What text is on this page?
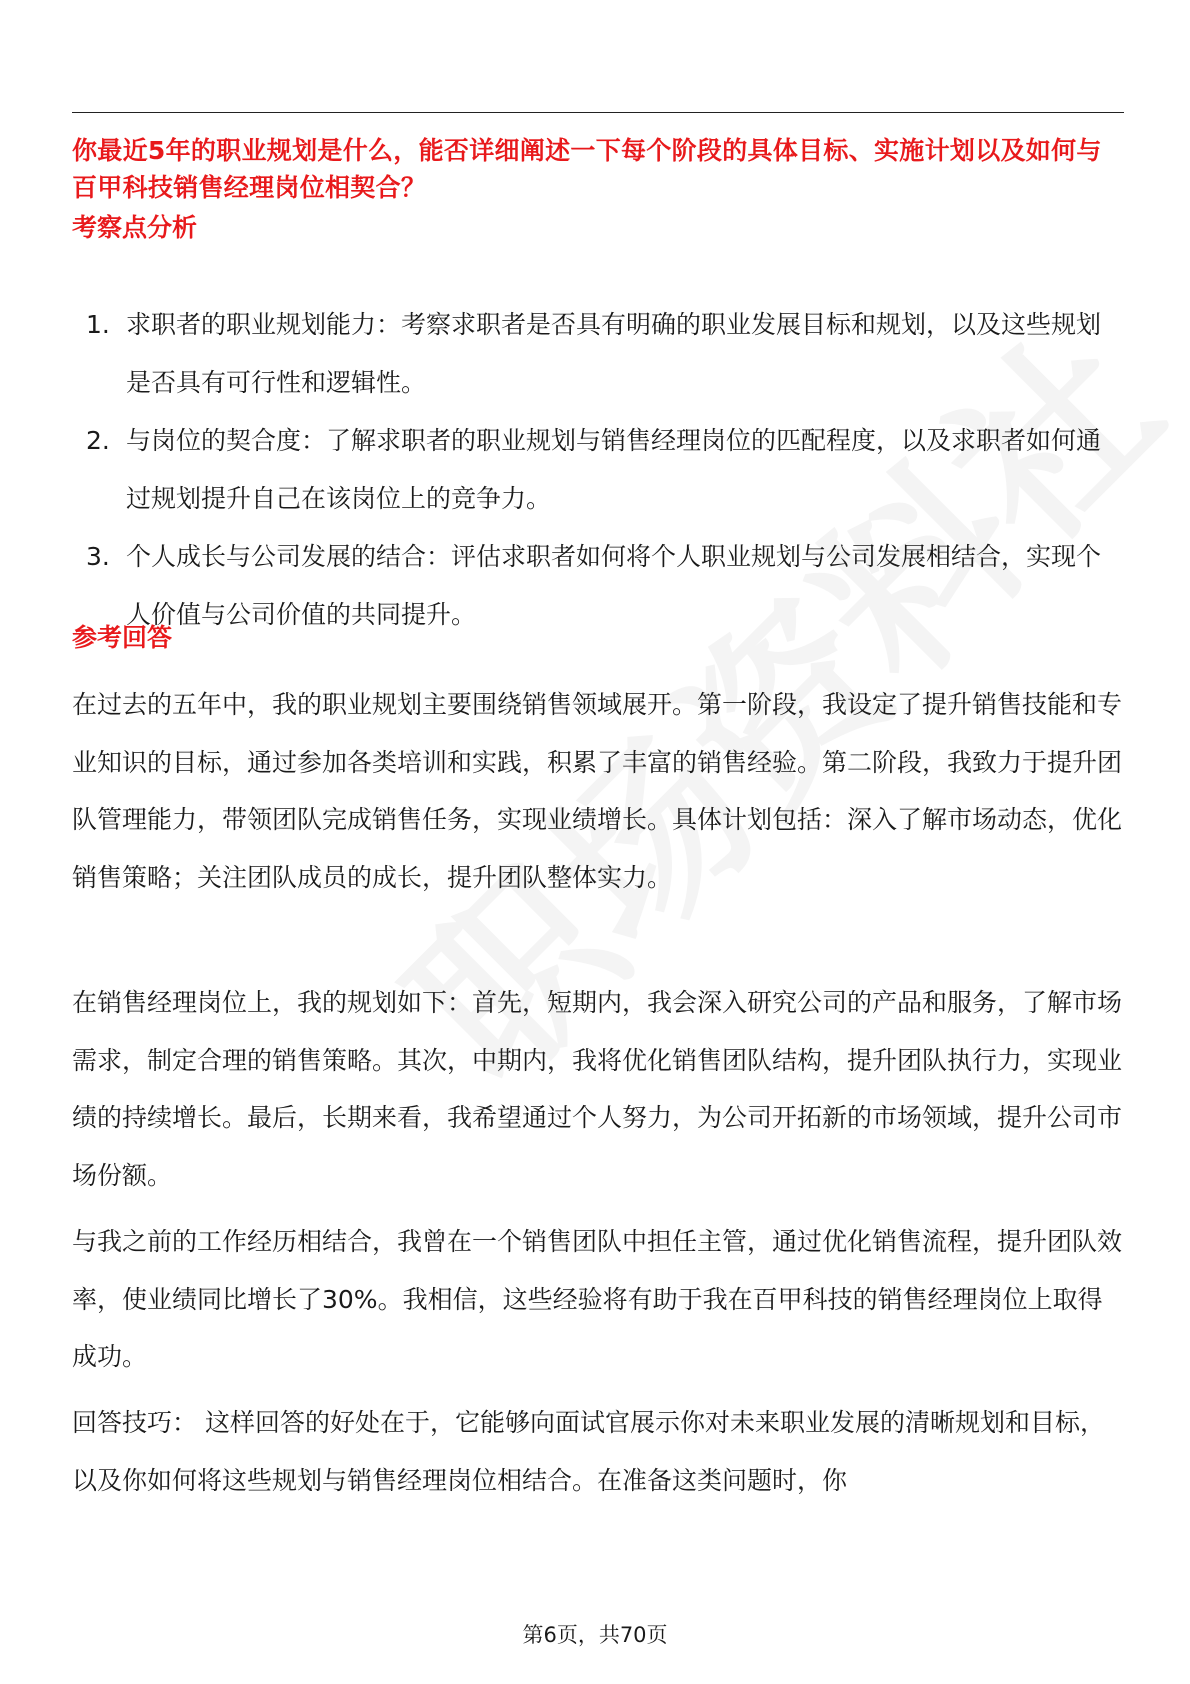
你最近5年的职业规划是什么，能否详细阐述一下每个阶段的具体目标、实施计划以及如何与百甲科技销售经理岗位相契合？
考察点分析
1. 求职者的职业规划能力：考察求职者是否具有明确的职业发展目标和规划，以及这些规划是否具有可行性和逻辑性。
2. 与岗位的契合度：了解求职者的职业规划与销售经理岗位的匹配程度，以及求职者如何通过规划提升自己在该岗位上的竞争力。
3. 个人成长与公司发展的结合：评估求职者如何将个人职业规划与公司发展相结合，实现个人价值与公司价值的共同提升。
参考回答

在过去的五年中，我的职业规划主要围绕销售领域展开。第一阶段，我设定了提升销售技能和专业知识的目标，通过参加各类培训和实践，积累了丰富的销售经验。第二阶段，我致力于提升团队管理能力，带领团队完成销售任务，实现业绩增长。具体计划包括：深入了解市场动态，优化销售策略；关注团队成员的成长，提升团队整体实力。

在销售经理岗位上，我的规划如下：首先，短期内，我会深入研究公司的产品和服务，了解市场需求，制定合理的销售策略。其次，中期内，我将优化销售团队结构，提升团队执行力，实现业绩的持续增长。最后，长期来看，我希望通过个人努力，为公司开拓新的市场领域，提升公司市场份额。

与我之前的工作经历相结合，我曾在一个销售团队中担任主管，通过优化销售流程，提升团队效率，使业绩同比增长了30%。我相信，这些经验将有助于我在百甲科技的销售经理岗位上取得成功。

回答技巧： 这样回答的好处在于，它能够向面试官展示你对未来职业发展的清晰规划和目标，以及你如何将这些规划与销售经理岗位相结合。在准备这类问题时，你

第6页，共70页
